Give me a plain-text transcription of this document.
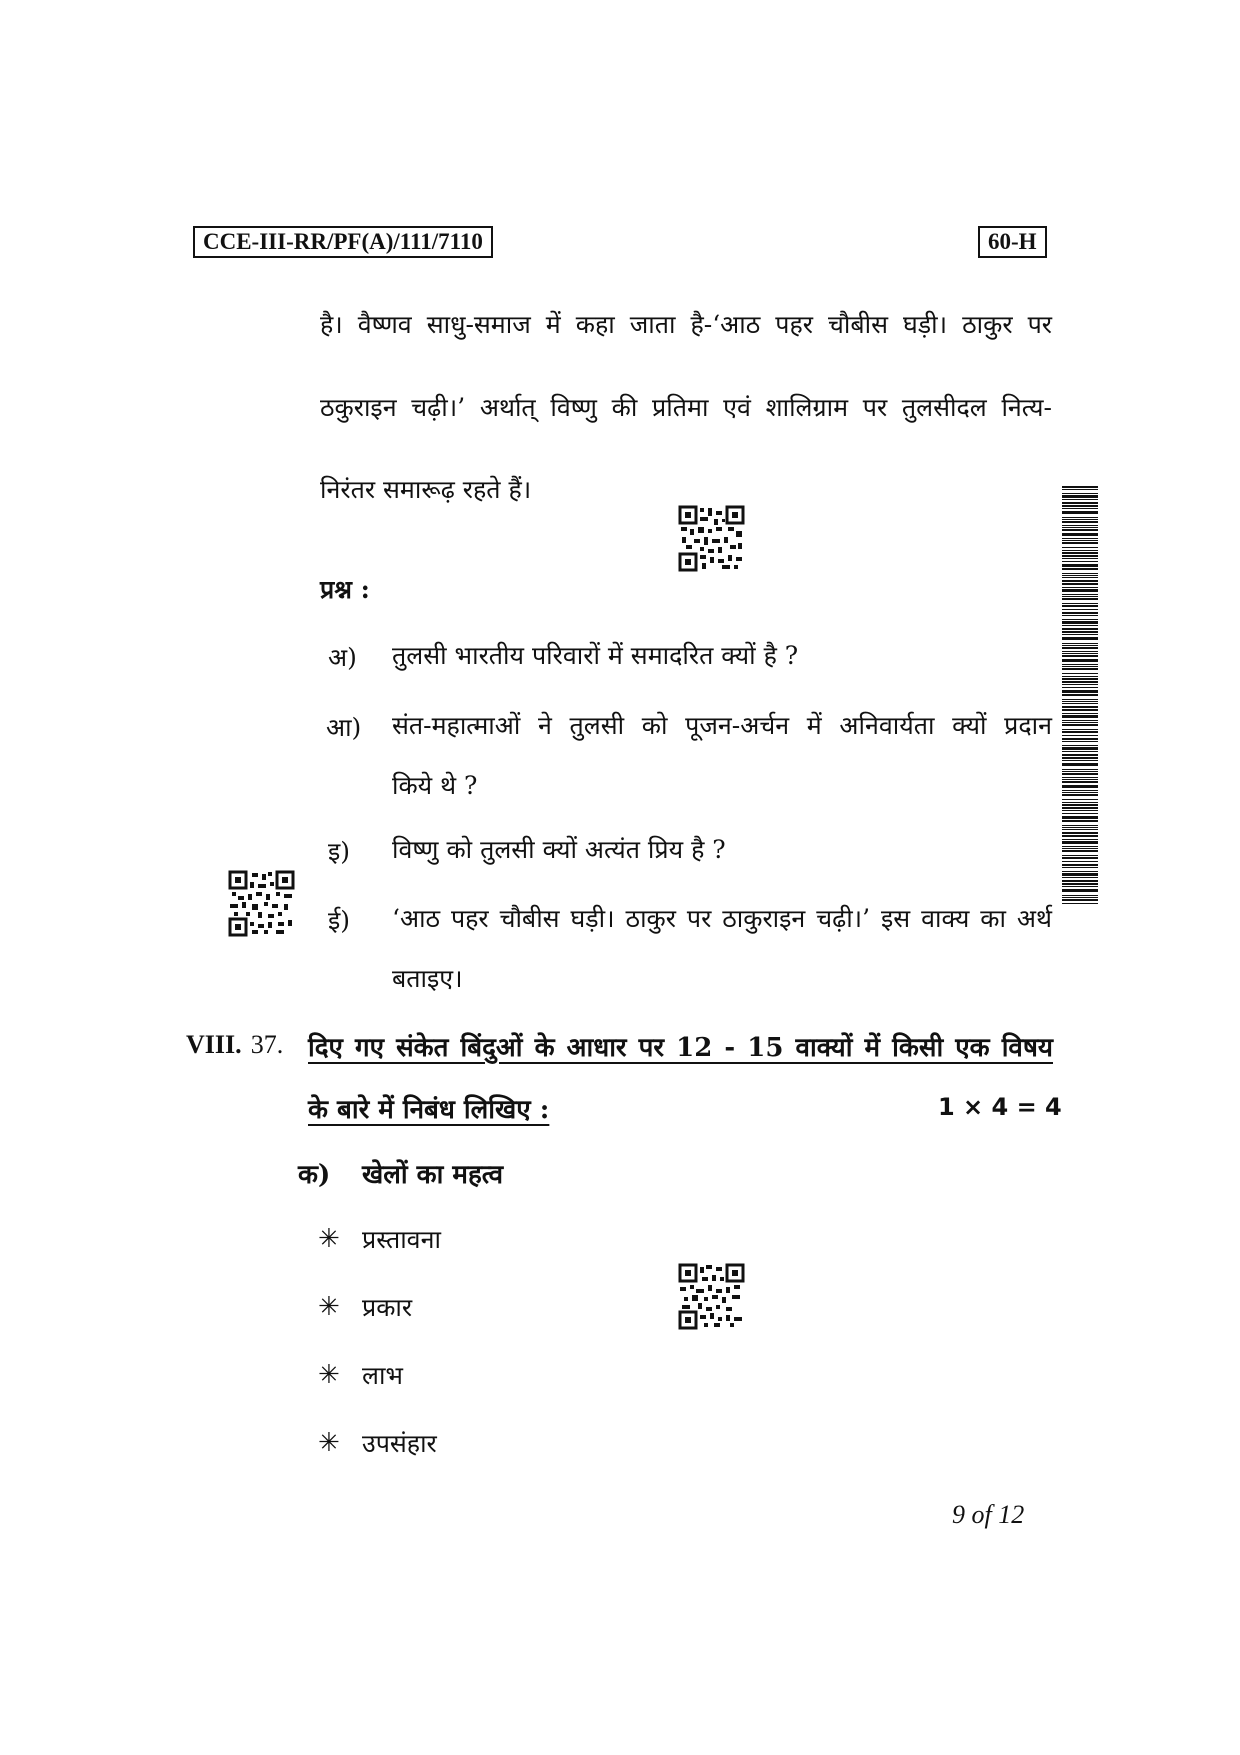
CCE-III-RR/PF(A)/111/7110	60-H
है। वैष्णव साधु-समाज में कहा जाता है-‘आठ पहर चौबीस घड़ी। ठाकुर पर
ठकुराइन चढ़ी।’ अर्थात् विष्णु की प्रतिमा एवं शालिग्राम पर तुलसीदल नित्य-
निरंतर समारूढ़ रहते हैं।
प्रश्न :
अ) तुलसी भारतीय परिवारों में समादरित क्यों है ?
आ) संत-महात्माओं ने तुलसी को पूजन-अर्चन में अनिवार्यता क्यों प्रदान
किये थे ?
इ) विष्णु को तुलसी क्यों अत्यंत प्रिय है ?
ई) ‘आठ पहर चौबीस घड़ी। ठाकुर पर ठाकुराइन चढ़ी।’ इस वाक्य का अर्थ
बताइए।
VIII. 37. दिए गए संकेत बिंदुओं के आधार पर 12 - 15 वाक्यों में किसी एक विषय
के बारे में निबंध लिखिए :	1 × 4 = 4
क) खेलों का महत्व
✳ प्रस्तावना
✳ प्रकार
✳ लाभ
✳ उपसंहार
9 of 12
